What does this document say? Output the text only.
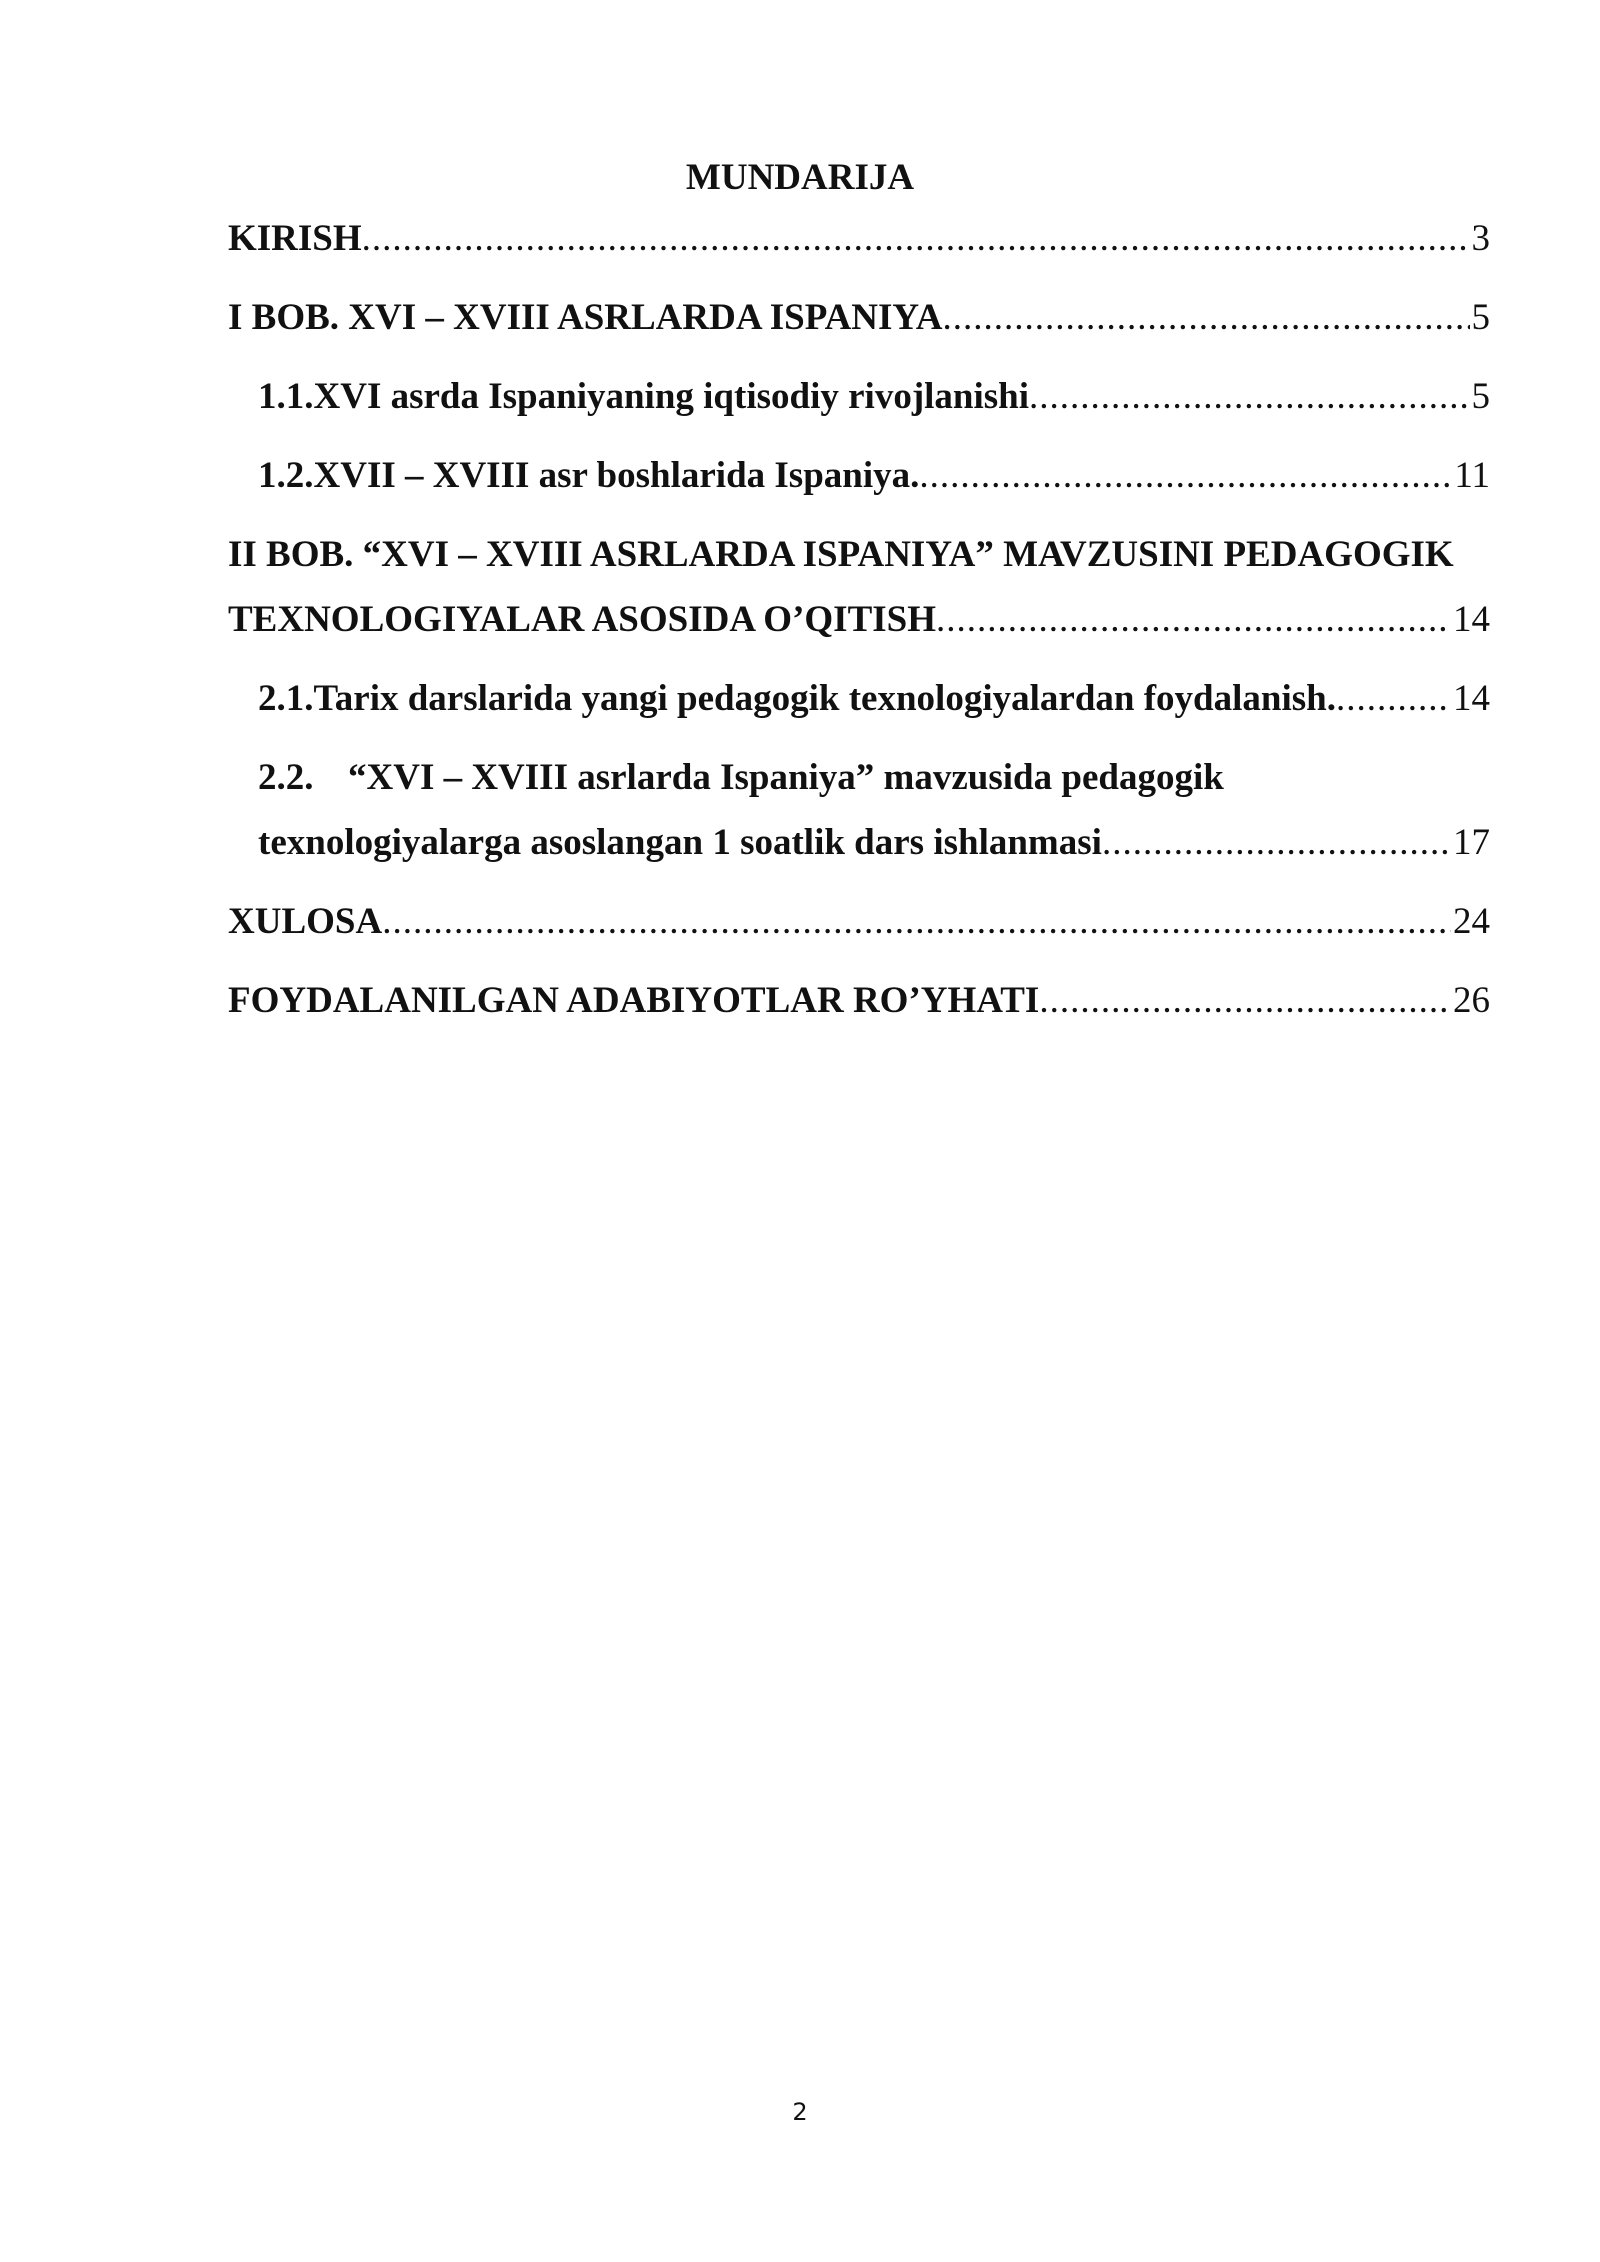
MUNDARIJA
KIRISH .....	3
I BOB. XVI – XVIII ASRLARDA ISPANIYA .....	5
1.1. XVI asrda Ispaniyaning iqtisodiy rivojlanishi .....	5
1.2. XVII – XVIII asr boshlarida Ispaniya. .....	11
II BOB. “XVI – XVIII ASRLARDA ISPANIYA” MAVZUSINI PEDAGOGIK
TEXNOLOGIYALAR ASOSIDA O’QITISH .....	14
2.1. Tarix darslarida yangi pedagogik texnologiyalardan foydalanish. .....	14
2.2. “XVI – XVIII asrlarda Ispaniya” mavzusida pedagogik
texnologiyalarga asoslangan 1 soatlik dars ishlanmasi .....	17
XULOSA .....	24
FOYDALANILGAN ADABIYOTLAR RO’YHATI .....	26
2
